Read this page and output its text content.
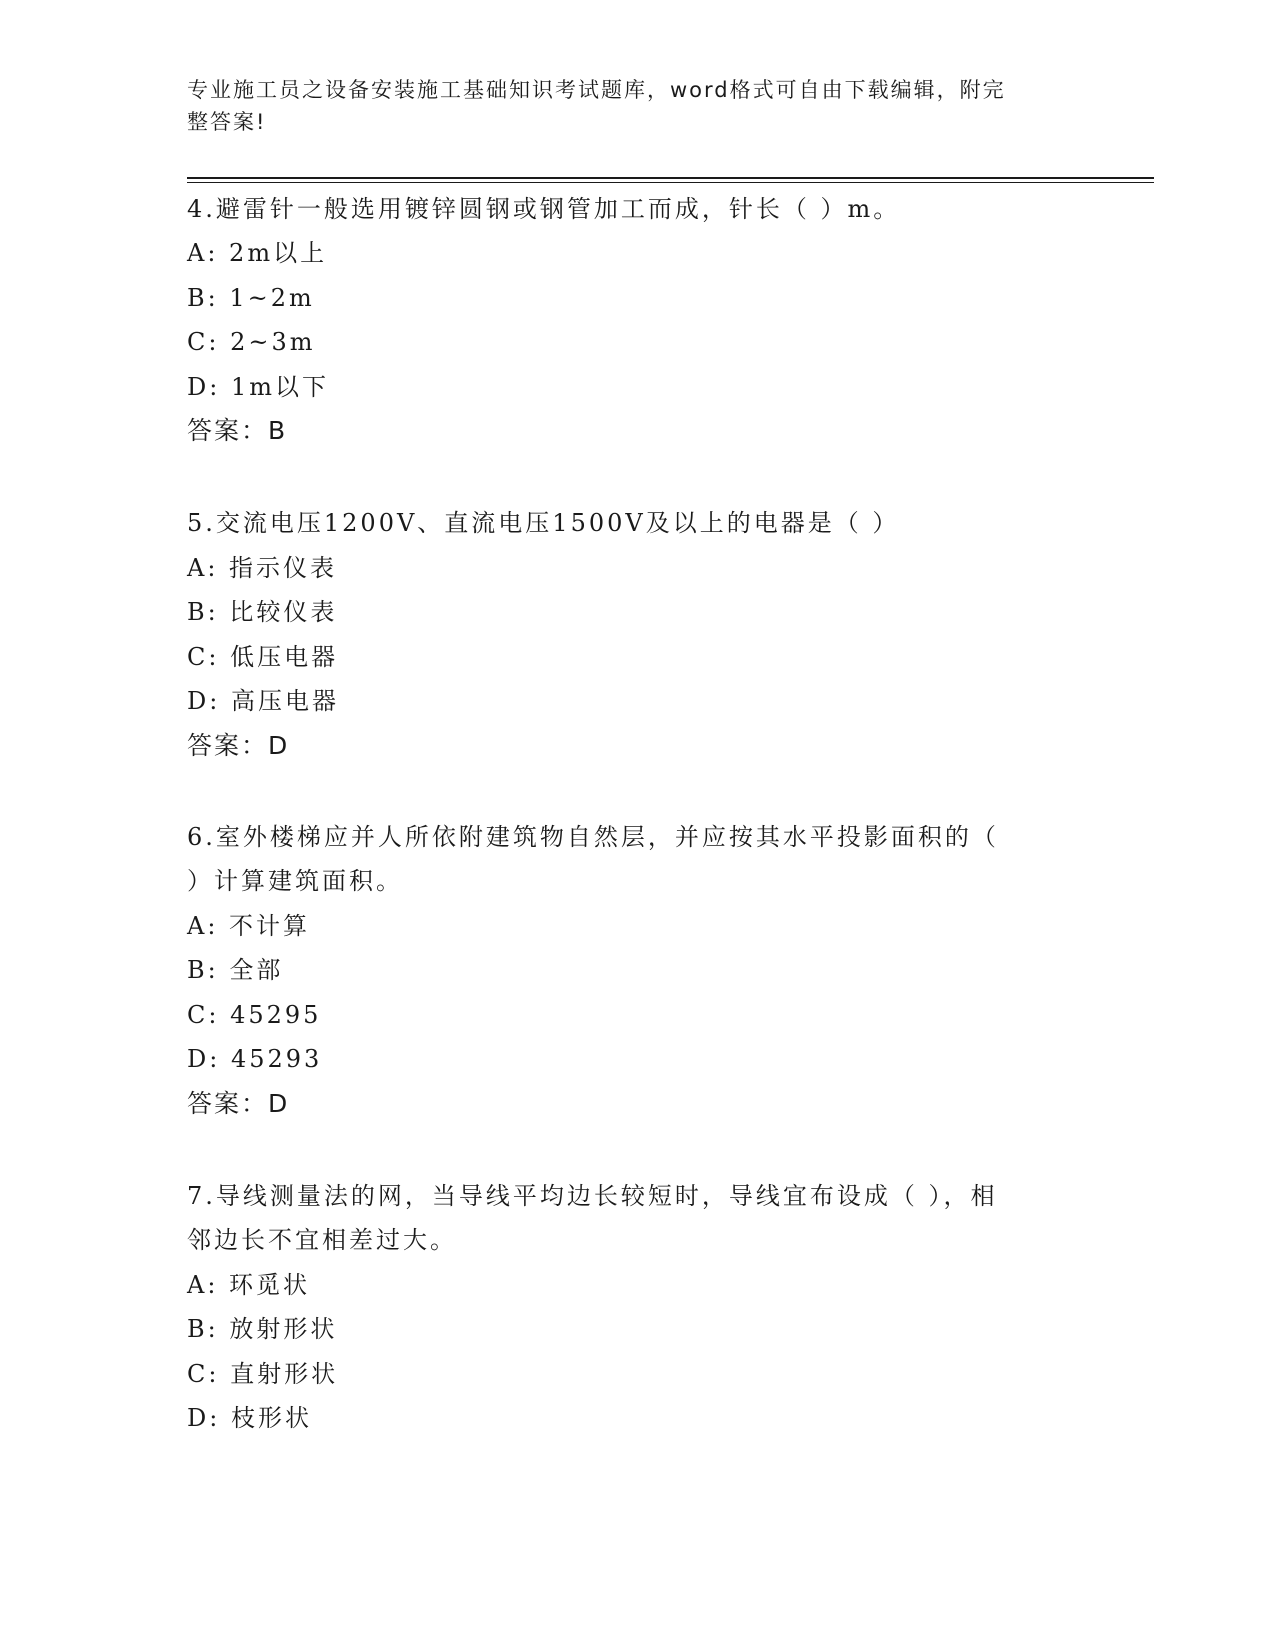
专业施工员之设备安装施工基础知识考试题库，word格式可自由下载编辑，附完
整答案!
4.避雷针一般选用镀锌圆钢或钢管加工而成，针长（ ）m。
A: 2m以上
B: 1~2m
C: 2~3m
D: 1m以下
答案：B
5.交流电压1200V、直流电压1500V及以上的电器是（ ）
A: 指示仪表
B: 比较仪表
C: 低压电器
D: 高压电器
答案：D
6.室外楼梯应并人所依附建筑物自然层，并应按其水平投影面积的（
）计算建筑面积。
A: 不计算
B: 全部
C: 45295
D: 45293
答案：D
7.导线测量法的网，当导线平均边长较短时，导线宜布设成（ ），相
邻边长不宜相差过大。
A: 环觅状
B: 放射形状
C: 直射形状
D: 枝形状
